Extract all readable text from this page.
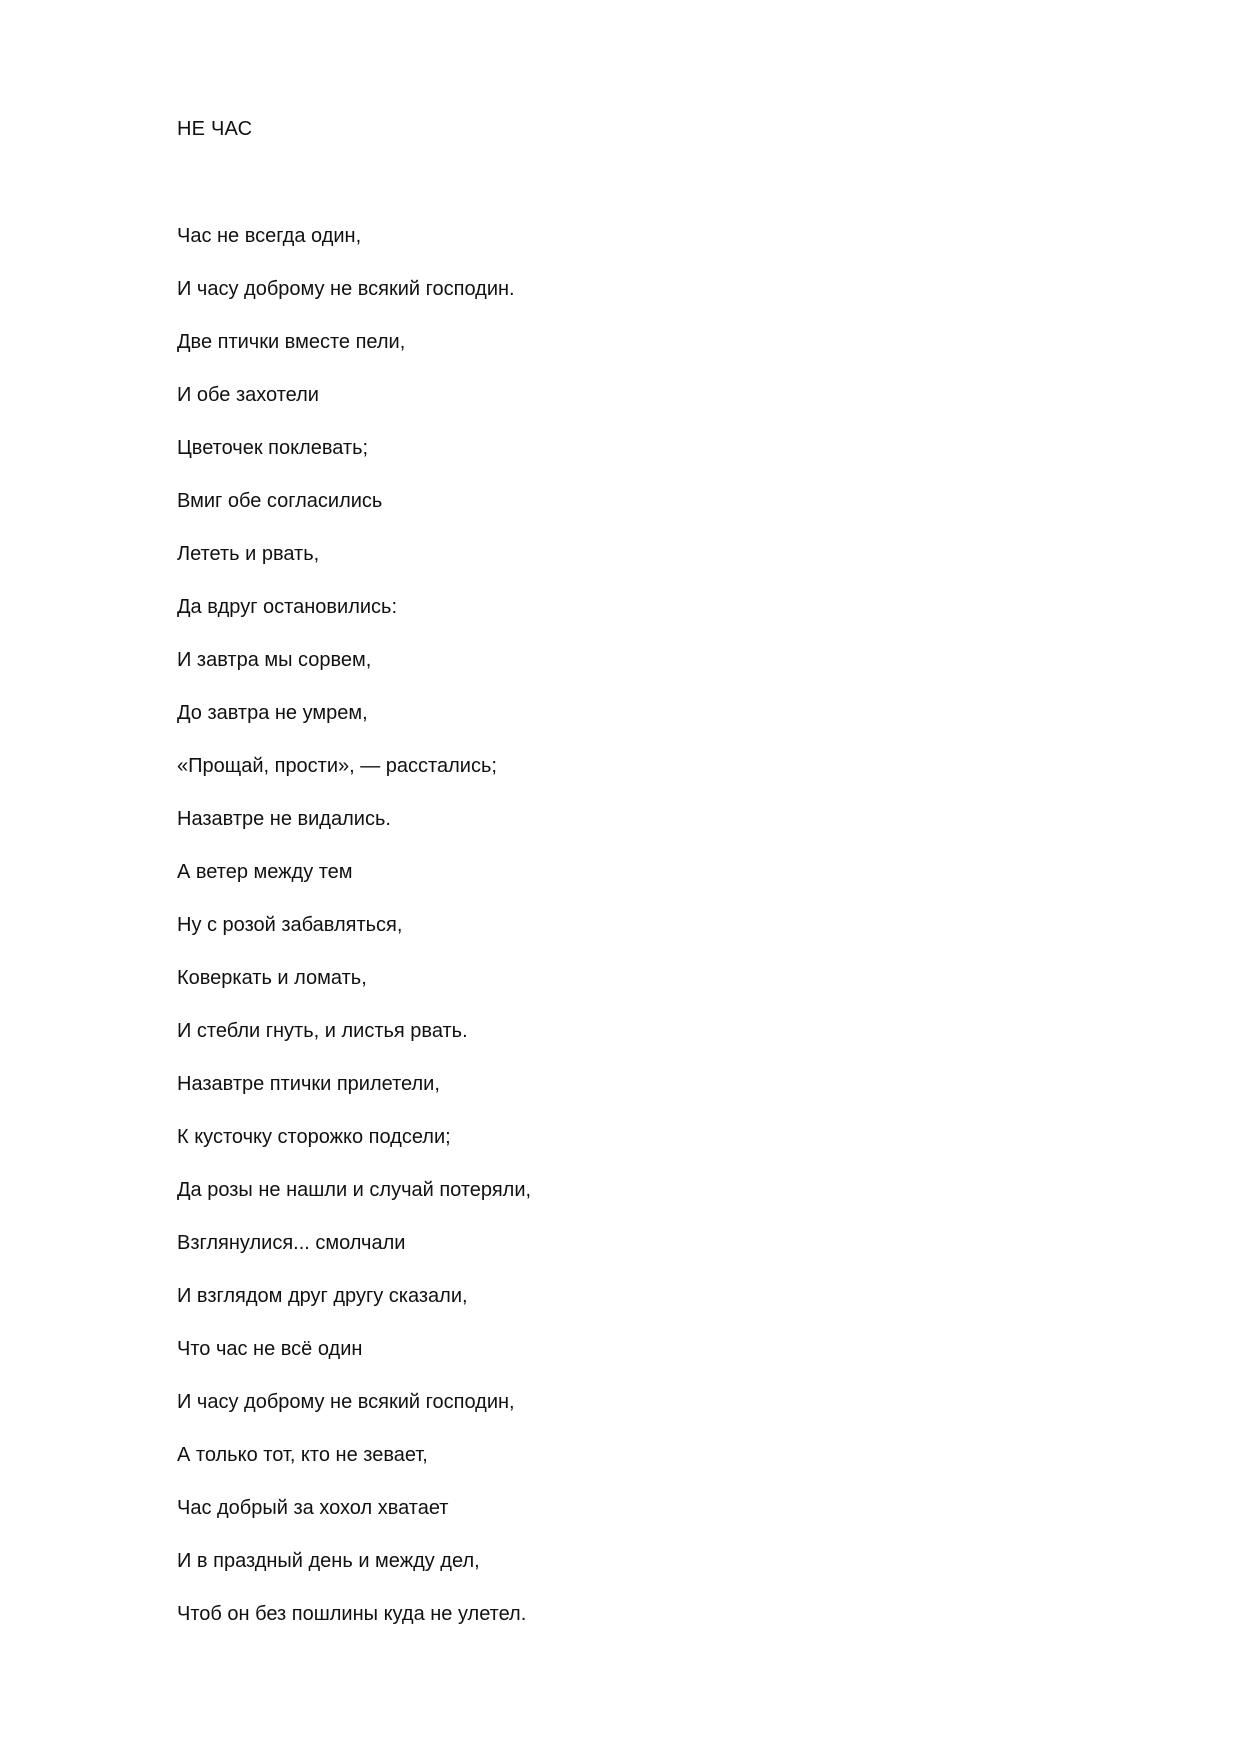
НЕ ЧАС
Час не всегда один,
И часу доброму не всякий господин.
Две птички вместе пели,
И обе захотели
Цветочек поклевать;
Вмиг обе согласились
Лететь и рвать,
Да вдруг остановились:
И завтра мы сорвем,
До завтра не умрем,
«Прощай, прости», — расстались;
Назавтре не видались.
А ветер между тем
Ну с розой забавляться,
Коверкать и ломать,
И стебли гнуть, и листья рвать.
Назавтре птички прилетели,
К кусточку сторожко подсели;
Да розы не нашли и случай потеряли,
Взглянулися... смолчали
И взглядом друг другу сказали,
Что час не всё один
И часу доброму не всякий господин,
А только тот, кто не зевает,
Час добрый за хохол хватает
И в праздный день и между дел,
Чтоб он без пошлины куда не улетел.
